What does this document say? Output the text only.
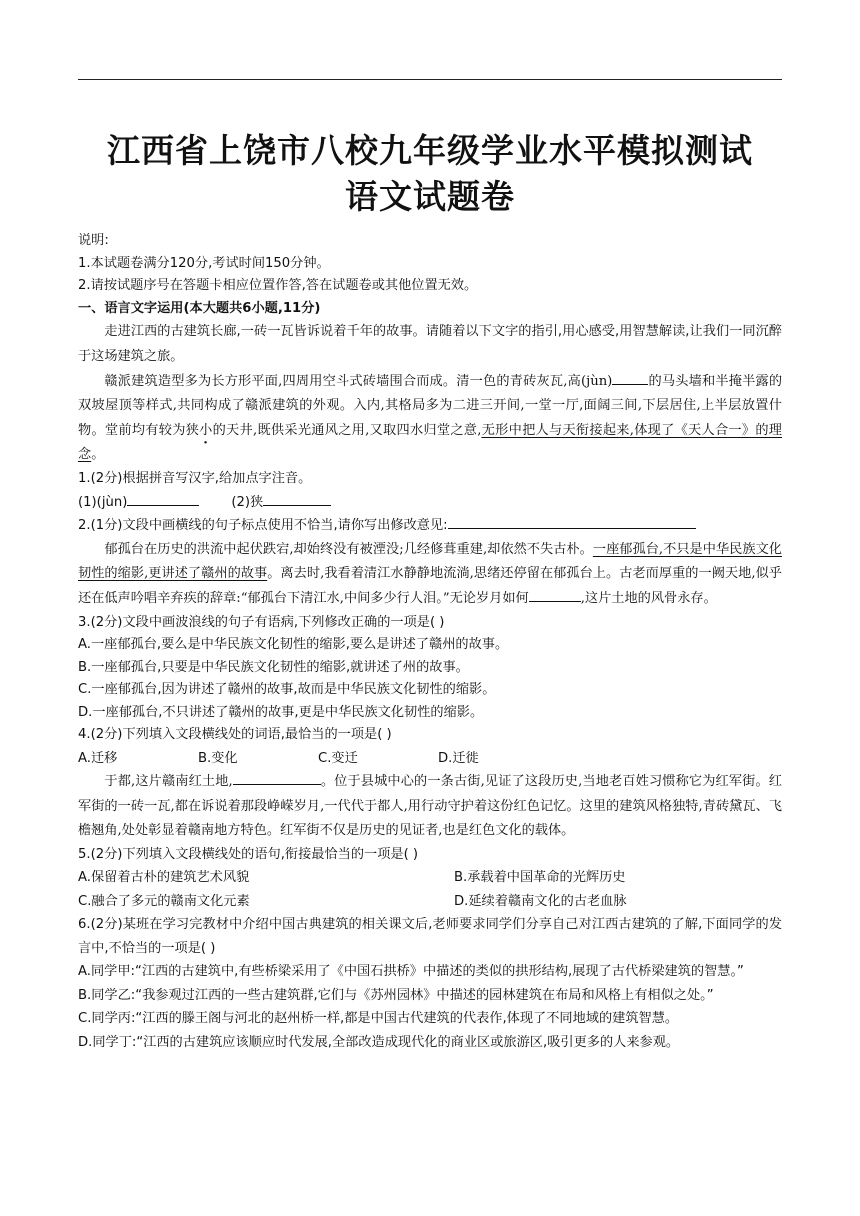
江西省上饶市八校九年级学业水平模拟测试
语文试题卷
说明:
1.本试题卷满分120分,考试时间150分钟。
2.请按试题序号在答题卡相应位置作答,答在试题卷或其他位置无效。
一、语言文字运用(本大题共6小题,11分)

走进江西的古建筑长廊,一砖一瓦皆诉说着千年的故事。请随着以下文字的指引,用心感受,用智慧解读,让我们一同沉醉于这场建筑之旅。

赣派建筑造型多为长方形平面,四周用空斗式砖墙围合而成。清一色的青砖灰瓦,高(jùn)	的马头墙和半掩半露的双坡屋顶等样式,共同构成了赣派建筑的外观。入内,其格局多为二进三开间,一堂一厅,面阔三间,下层居住,上半层放置什物。堂前均有较为狭小的天井,既供采光通风之用,又取四水归堂之意,无形中把人与天衔接起来,体现了《天人合一》的理念。

1.(2分)根据拼音写汉字,给加点字注音。
(1)(jùn)	(2)狭
2.(1分)文段中画横线的句子标点使用不恰当,请你写出修改意见:

郁孤台在历史的洪流中起伏跌宕,却始终没有被湮没;几经修葺重建,却依然不失古朴。一座郁孤台,不只是中华民族文化韧性的缩影,更讲述了赣州的故事。离去时,我看着清江水静静地流淌,思绪还停留在郁孤台上。古老而厚重的一阙天地,似乎还在低声吟唱辛弃疾的辞章:“郁孤台下清江水,中间多少行人泪。”无论岁月如何	,这片土地的风骨永存。

3.(2分)文段中画波浪线的句子有语病,下列修改正确的一项是( )
A.一座郁孤台,要么是中华民族文化韧性的缩影,要么是讲述了赣州的故事。
B.一座郁孤台,只要是中华民族文化韧性的缩影,就讲述了州的故事。
C.一座郁孤台,因为讲述了赣州的故事,故而是中华民族文化韧性的缩影。
D.一座郁孤台,不只讲述了赣州的故事,更是中华民族文化韧性的缩影。
4.(2分)下列填入文段横线处的词语,最恰当的一项是( )
A.迁移	B.变化	C.变迁	D.迁徙

于都,这片赣南红土地,	。位于县城中心的一条古街,见证了这段历史,当地老百姓习惯称它为红军街。红军街的一砖一瓦,都在诉说着那段峥嵘岁月,一代代于都人,用行动守护着这份红色记忆。这里的建筑风格独特,青砖黛瓦、飞檐翘角,处处彰显着赣南地方特色。红军街不仅是历史的见证者,也是红色文化的载体。

5.(2分)下列填入文段横线处的语句,衔接最恰当的一项是( )
A.保留着古朴的建筑艺术风貌	B.承载着中国革命的光辉历史
C.融合了多元的赣南文化元素	D.延续着赣南文化的古老血脉

6.(2分)某班在学习完教材中介绍中国古典建筑的相关课文后,老师要求同学们分享自己对江西古建筑的了解,下面同学的发言中,不恰当的一项是( )

A.同学甲:“江西的古建筑中,有些桥梁采用了《中国石拱桥》中描述的类似的拱形结构,展现了古代桥梁建筑的智慧。”

B.同学乙:“我参观过江西的一些古建筑群,它们与《苏州园林》中描述的园林建筑在布局和风格上有相似之处。”

C.同学丙:“江西的滕王阁与河北的赵州桥一样,都是中国古代建筑的代表作,体现了不同地域的建筑智慧。

D.同学丁:“江西的古建筑应该顺应时代发展,全部改造成现代化的商业区或旅游区,吸引更多的人来参观。
